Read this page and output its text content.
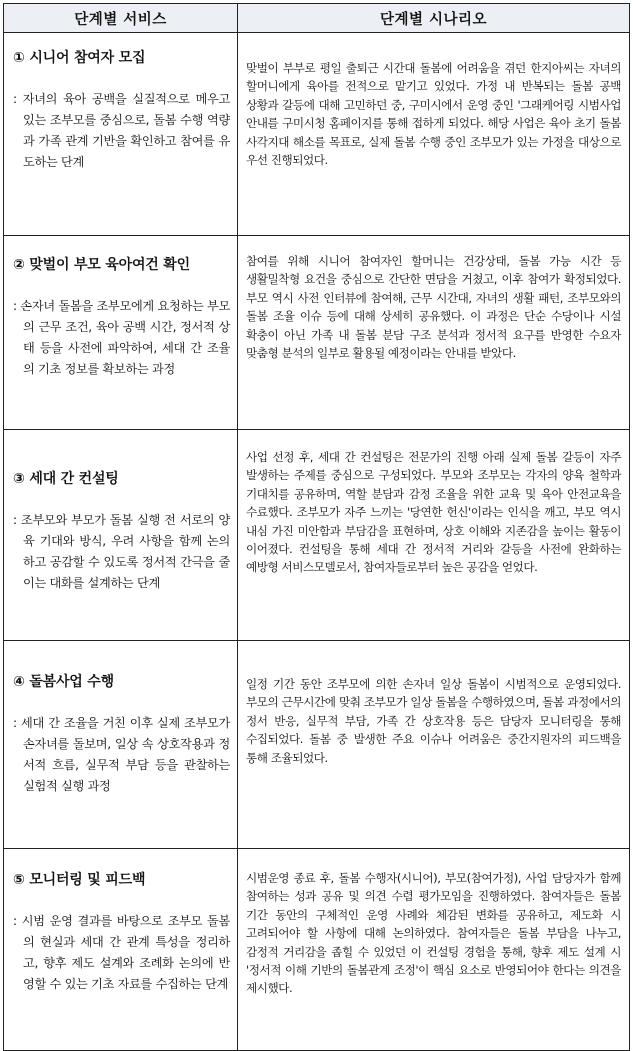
단계별 서비스	단계별 시나리오

① 시니어 참여자 모집
: 자녀의 육아 공백을 실질적으로 메우고 있는 조부모를 중심으로, 돌봄 수행 역량과 가족 관계 기반을 확인하고 참여를 유도하는 단계	맞벌이 부부로 평일 출퇴근 시간대 돌봄에 어려움을 겪던 한지아씨는 자녀의 할머니에게 육아를 전적으로 맡기고 있었다. 가정 내 반복되는 돌봄 공백 상황과 갈등에 대해 고민하던 중, 구미시에서 운영 중인 '그래케어링 시범사업 안내를 구미시청 홈페이지를 통해 접하게 되었다. 해당 사업은 육아 초기 돌봄 사각지대 해소를 목표로, 실제 돌봄 수행 중인 조부모가 있는 가정을 대상으로 우선 진행되었다.

② 맞벌이 부모 육아여건 확인
: 손자녀 돌봄을 조부모에게 요청하는 부모의 근무 조건, 육아 공백 시간, 정서적 상태 등을 사전에 파악하여, 세대 간 조율의 기초 정보를 확보하는 과정	참여를 위해 시니어 참여자인 할머니는 건강상태, 돌봄 가능 시간 등 생활밀착형 요건을 중심으로 간단한 면담을 거쳤고, 이후 참여가 확정되었다. 부모 역시 사전 인터뷰에 참여해, 근무 시간대, 자녀의 생활 패턴, 조부모와의 돌봄 조율 이슈 등에 대해 상세히 공유했다. 이 과정은 단순 수당이나 시설 확충이 아닌 가족 내 돌봄 분담 구조 분석과 정서적 요구를 반영한 수요자 맞춤형 분석의 일부로 활용될 예정이라는 안내를 받았다.

③ 세대 간 컨설팅
: 조부모와 부모가 돌봄 실행 전 서로의 양육 기대와 방식, 우려 사항을 함께 논의하고 공감할 수 있도록 정서적 간극을 줄이는 대화를 설계하는 단계	사업 선정 후, 세대 간 컨설팅은 전문가의 진행 아래 실제 돌봄 갈등이 자주 발생하는 주제를 중심으로 구성되었다. 부모와 조부모는 각자의 양육 철학과 기대치를 공유하며, 역할 분담과 감정 조율을 위한 교육 및 육아 안전교육을 수료했다. 조부모가 자주 느끼는 '당연한 헌신'이라는 인식을 깨고, 부모 역시 내심 가진 미안함과 부담감을 표현하며, 상호 이해와 지존감을 높이는 활동이 이어졌다. 컨설팅을 통해 세대 간 정서적 거리와 갈등을 사전에 완화하는 예방형 서비스모델로서, 참여자들로부터 높은 공감을 얻었다.

④ 돌봄사업 수행
: 세대 간 조율을 거친 이후 실제 조부모가 손자녀를 돌보며, 일상 속 상호작용과 정서적 흐름, 실무적 부담 등을 관찰하는 실험적 실행 과정	일정 기간 동안 조부모에 의한 손자녀 일상 돌봄이 시범적으로 운영되었다. 부모의 근무시간에 맞춰 조부모가 일상 돌봄을 수행하였으며, 돌봄 과정에서의 정서 반응, 실무적 부담, 가족 간 상호작용 등은 담당자 모니터링을 통해 수집되었다. 돌봄 중 발생한 주요 이슈나 어려움은 중간지원자의 피드백을 통해 조율되었다.

⑤ 모니터링 및 피드백
: 시범 운영 결과를 바탕으로 조부모 돌봄의 현실과 세대 간 관계 특성을 정리하고, 향후 제도 설계와 조례화 논의에 반영할 수 있는 기초 자료를 수집하는 단계	시범운영 종료 후, 돌봄 수행자(시니어), 부모(참여가정), 사업 담당자가 함께 참여하는 성과 공유 및 의견 수렴 평가모임을 진행하였다. 참여자들은 돌봄 기간 동안의 구체적인 운영 사례와 체감된 변화를 공유하고, 제도화 시 고려되어야 할 사항에 대해 논의하였다. 참여자들은 돌봄 부담을 나누고, 감정적 거리감을 좁힐 수 있었던 이 컨설팅 경험을 통해, 향후 제도 설계 시 '정서적 이해 기반의 돌봄관계 조정'이 핵심 요소로 반영되어야 한다는 의견을 제시했다.
